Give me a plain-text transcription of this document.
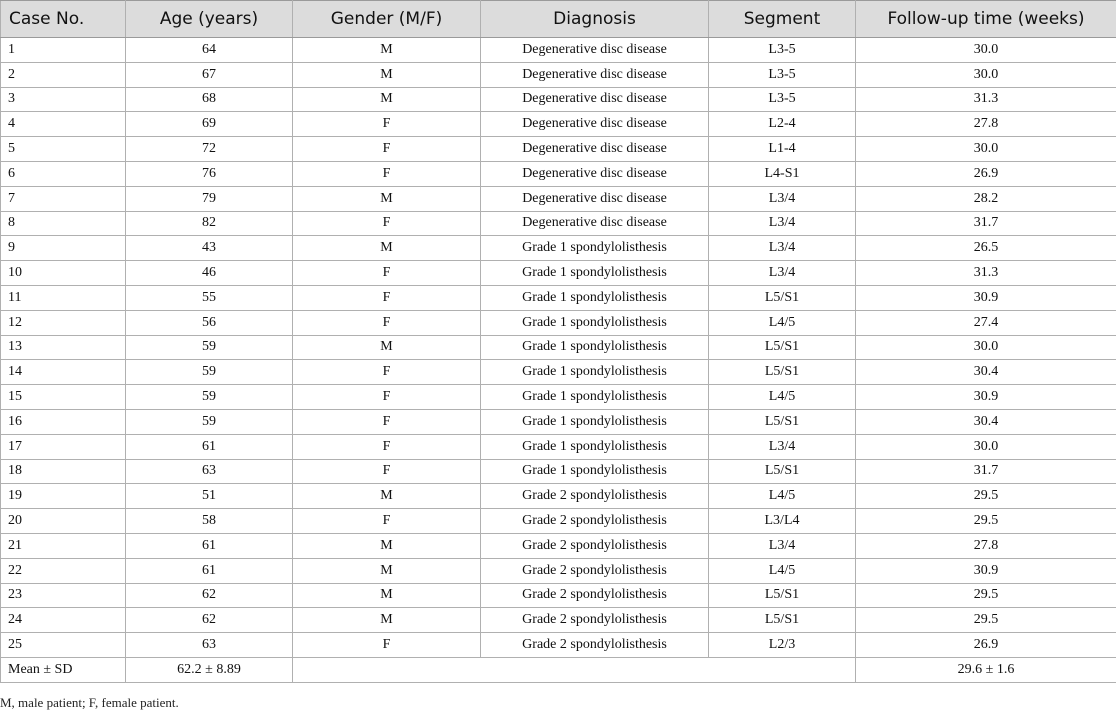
Case No.	Age (years)	Gender (M/F)	Diagnosis	Segment	Follow-up time (weeks)
1	64	M	Degenerative disc disease	L3-5	30.0
2	67	M	Degenerative disc disease	L3-5	30.0
3	68	M	Degenerative disc disease	L3-5	31.3
4	69	F	Degenerative disc disease	L2-4	27.8
5	72	F	Degenerative disc disease	L1-4	30.0
6	76	F	Degenerative disc disease	L4-S1	26.9
7	79	M	Degenerative disc disease	L3/4	28.2
8	82	F	Degenerative disc disease	L3/4	31.7
9	43	M	Grade 1 spondylolisthesis	L3/4	26.5
10	46	F	Grade 1 spondylolisthesis	L3/4	31.3
11	55	F	Grade 1 spondylolisthesis	L5/S1	30.9
12	56	F	Grade 1 spondylolisthesis	L4/5	27.4
13	59	M	Grade 1 spondylolisthesis	L5/S1	30.0
14	59	F	Grade 1 spondylolisthesis	L5/S1	30.4
15	59	F	Grade 1 spondylolisthesis	L4/5	30.9
16	59	F	Grade 1 spondylolisthesis	L5/S1	30.4
17	61	F	Grade 1 spondylolisthesis	L3/4	30.0
18	63	F	Grade 1 spondylolisthesis	L5/S1	31.7
19	51	M	Grade 2 spondylolisthesis	L4/5	29.5
20	58	F	Grade 2 spondylolisthesis	L3/L4	29.5
21	61	M	Grade 2 spondylolisthesis	L3/4	27.8
22	61	M	Grade 2 spondylolisthesis	L4/5	30.9
23	62	M	Grade 2 spondylolisthesis	L5/S1	29.5
24	62	M	Grade 2 spondylolisthesis	L5/S1	29.5
25	63	F	Grade 2 spondylolisthesis	L2/3	26.9
Mean ± SD	62.2 ± 8.89				29.6 ± 1.6
M, male patient; F, female patient.
